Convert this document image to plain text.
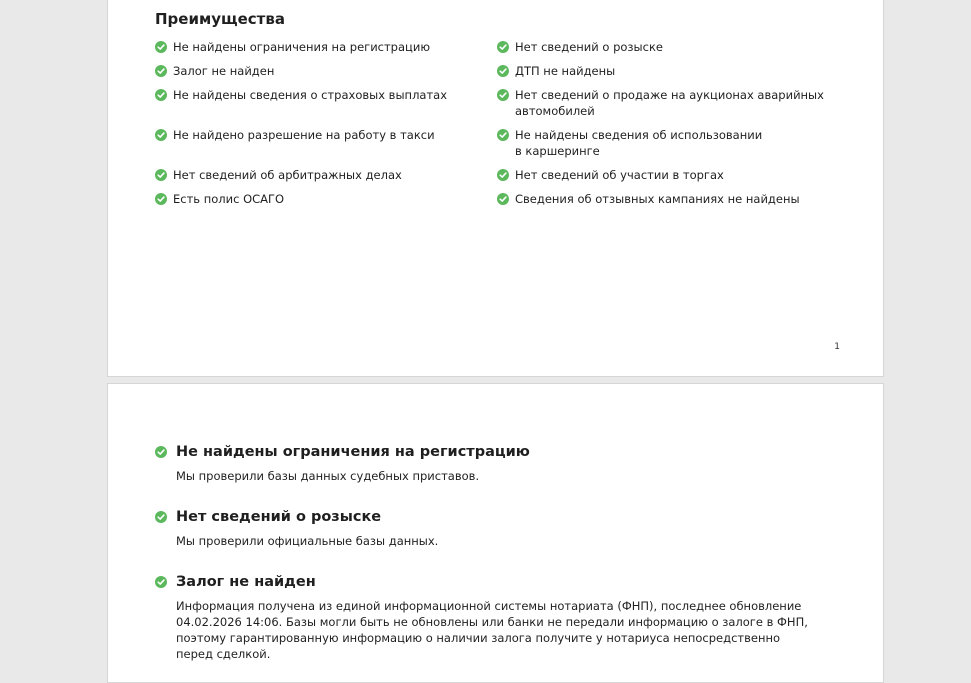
Преимущества
Не найдены ограничения на регистрацию	Нет сведений о розыске
Залог не найден	ДТП не найдены
Не найдены сведения о страховых выплатах	Нет сведений о продаже на аукционах аварийных автомобилей
Не найдено разрешение на работу в такси	Не найдены сведения об использовании в каршеринге
Нет сведений об арбитражных делах	Нет сведений об участии в торгах
Есть полис ОСАГО	Сведения об отзывных кампаниях не найдены
1
Не найдены ограничения на регистрацию
Мы проверили базы данных судебных приставов.
Нет сведений о розыске
Мы проверили официальные базы данных.
Залог не найден
Информация получена из единой информационной системы нотариата (ФНП), последнее обновление 04.02.2026 14:06. Базы могли быть не обновлены или банки не передали информацию о залоге в ФНП, поэтому гарантированную информацию о наличии залога получите у нотариуса непосредственно перед сделкой.
